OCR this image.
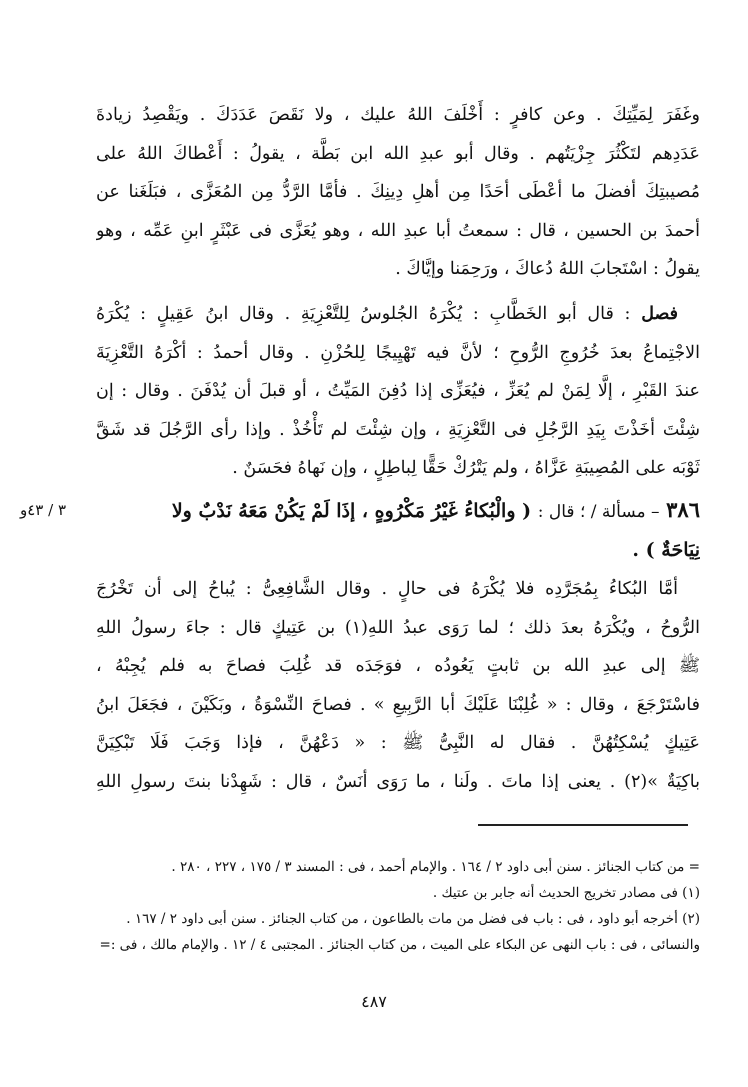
وغَفَرَ لِمَيِّتِكَ . وعن كافرٍ : أَخْلَفَ اللهُ عليك ، ولا نَقَصَ عَدَدَكَ . ويَقْصِدُ زيادةَ
عَدَدِهم لتَكْثُرَ جِزْيَتُهم . وقال أبو عبدِ الله ابن بَطَّة ، يقولُ : أَعْطاكَ اللهُ على
مُصيبتِكَ أفضلَ ما أعْطَى أحَدًا مِن أهلِ دِينِكَ . فأمَّا الرَّدُّ مِن المُعَزَّى ، فبَلَغَنا عن
أحمدَ بن الحسين ، قال : سمعتُ أبا عبدِ الله ، وهو يُعَزَّى فى عَبْثَرٍ ابنِ عَمِّه ، وهو
يقولُ : اسْتَجابَ اللهُ دُعاكَ ، ورَحِمَنا وإيَّاكَ .
فصل : قال أبو الخَطَّابِ : يُكْرَهُ الجُلوسُ لِلتَّعْزِيَةِ . وقال ابنُ عَقِيلٍ : يُكْرَهُ
الاجْتِماعُ بعدَ خُرُوجِ الرُّوحِ ؛ لأنَّ فيه تَهْيِيجًا لِلحُزْنِ . وقال أحمدُ : أكْرَهُ التَّعْزِيَةَ
عندَ القَبْرِ ، إلَّا لِمَنْ لم يُعَزِّ ، فيُعَزِّى إذا دُفِنَ المَيِّتُ ، أو قبلَ أن يُدْفَنَ . وقال : إن
شِئْتَ أخَذْتَ بِيَدِ الرَّجُلِ فى التَّعْزِيَةِ ، وإن شِئْتَ لم تَأْخُذْ . وإذا رأى الرَّجُلَ قد شَقَّ
ثَوْبَه على المُصِيبَةِ عَزَّاهُ ، ولم يَتْرُكْ حَقًّا لِباطِلٍ ، وإن نَهاهُ فحَسَنٌ .
٣٨٦ – مسألة / ؛ قال : ( والْبُكاءُ غَيْرُ مَكْرُوهٍ ، إذَا لَمْ يَكُنْ مَعَهُ نَدْبٌ ولا
نِيَاحَةٌ ) .
٣ / ٤٣و
أمَّا البُكاءُ بِمُجَرَّدِه فلا يُكْرَهُ فى حالٍ . وقال الشَّافِعِىُّ : يُباحُ إلى أن تَخْرُجَ
الرُّوحُ ، ويُكْرَهُ بعدَ ذلك ؛ لما رَوَى عبدُ اللهِ(١) بن عَتِيكٍ قال : جاءَ رسولُ اللهِ
ﷺ إلى عبدِ الله بن ثابتٍ يَعُودُه ، فوَجَدَه قد غُلِبَ فصاحَ به فلم يُجِبْهُ ،
فاسْتَرْجَعَ ، وقال : « غُلِبْنَا عَلَيْكَ أبا الرَّبِيعِ » . فصاحَ النِّسْوَةُ ، وبَكَيْنَ ، فجَعَلَ ابنُ
عَتِيكٍ يُسْكِتُهُنَّ . فقال له النَّبِىُّ ﷺ : « دَعْهُنَّ ، فإذا وَجَبَ فَلَا تَبْكِيَنَّ
باكِيَةٌ »(٢) . يعنى إذا ماتَ . ولَنا ، ما رَوَى أنَسٌ ، قال : شَهِدْنا بنتَ رسولِ اللهِ
= من كتاب الجنائز . سنن أبى داود ٢ / ١٦٤ . والإمام أحمد ، فى : المسند ٣ / ١٧٥ ، ٢٢٧ ، ٢٨٠ .
(١) فى مصادر تخريج الحديث أنه جابر بن عتيك .
(٢) أخرجه أبو داود ، فى : باب فى فضل من مات بالطاعون ، من كتاب الجنائز . سنن أبى داود ٢ / ١٦٧ .
والنسائى ، فى : باب النهى عن البكاء على الميت ، من كتاب الجنائز . المجتبى ٤ / ١٢ . والإمام مالك ، فى :=
٤٨٧
